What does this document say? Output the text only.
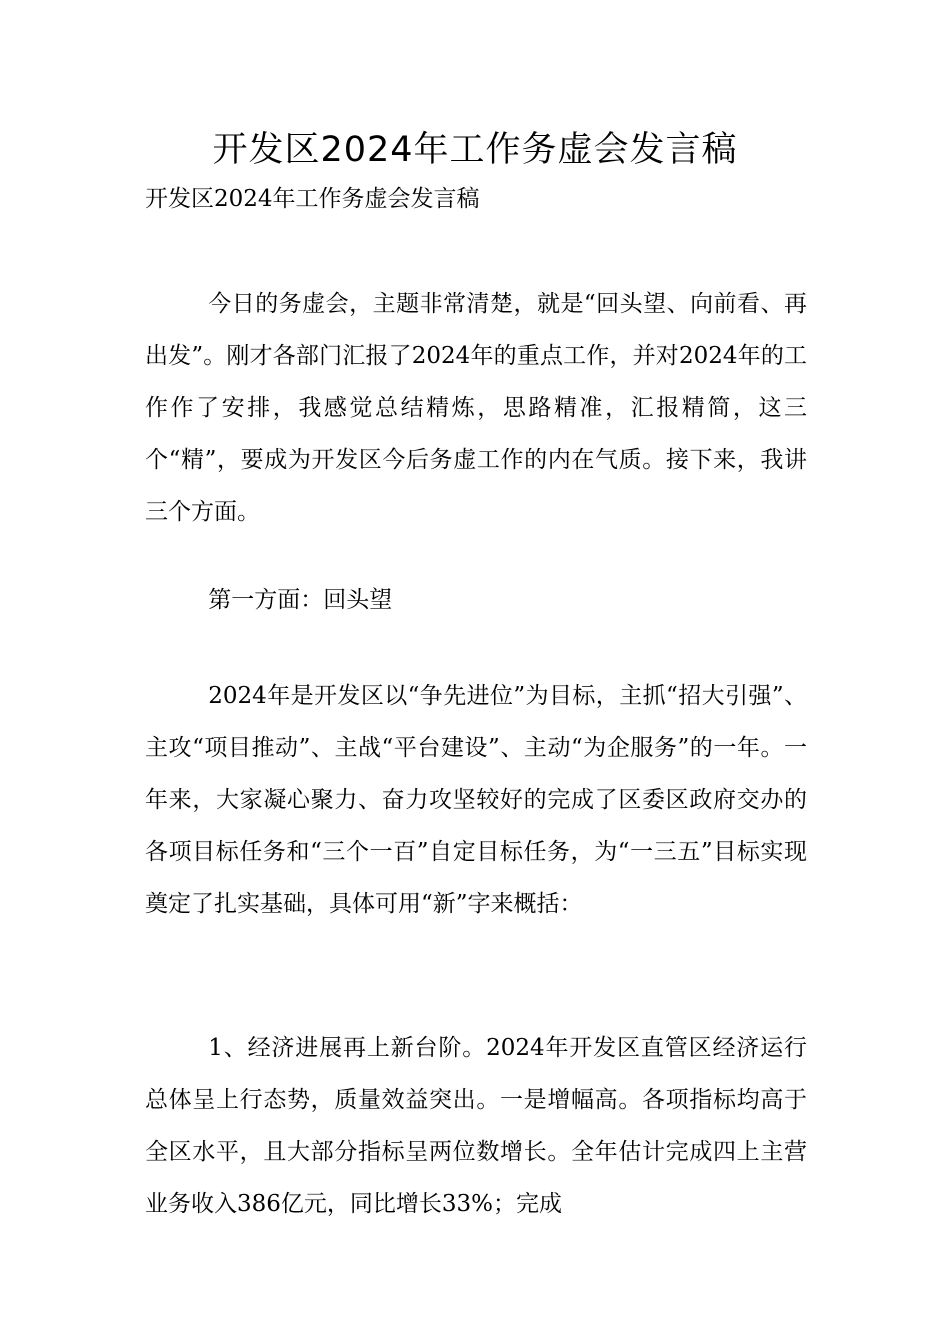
开发区2024年工作务虚会发言稿

开发区2024年工作务虚会发言稿

今日的务虚会，主题非常清楚，就是“回头望、向前看、再出发”。刚才各部门汇报了2024年的重点工作，并对2024年的工作作了安排，我感觉总结精炼，思路精准，汇报精简，这三个“精”，要成为开发区今后务虚工作的内在气质。接下来，我讲三个方面。

第一方面：回头望

2024年是开发区以“争先进位”为目标，主抓“招大引强”、主攻“项目推动”、主战“平台建设”、主动“为企服务”的一年。一年来，大家凝心聚力、奋力攻坚较好的完成了区委区政府交办的各项目标任务和“三个一百”自定目标任务，为“一三五”目标实现奠定了扎实基础，具体可用“新”字来概括：

1、经济进展再上新台阶。2024年开发区直管区经济运行总体呈上行态势，质量效益突出。一是增幅高。各项指标均高于全区水平，且大部分指标呈两位数增长。全年估计完成四上主营业务收入386亿元，同比增长33%；完成
